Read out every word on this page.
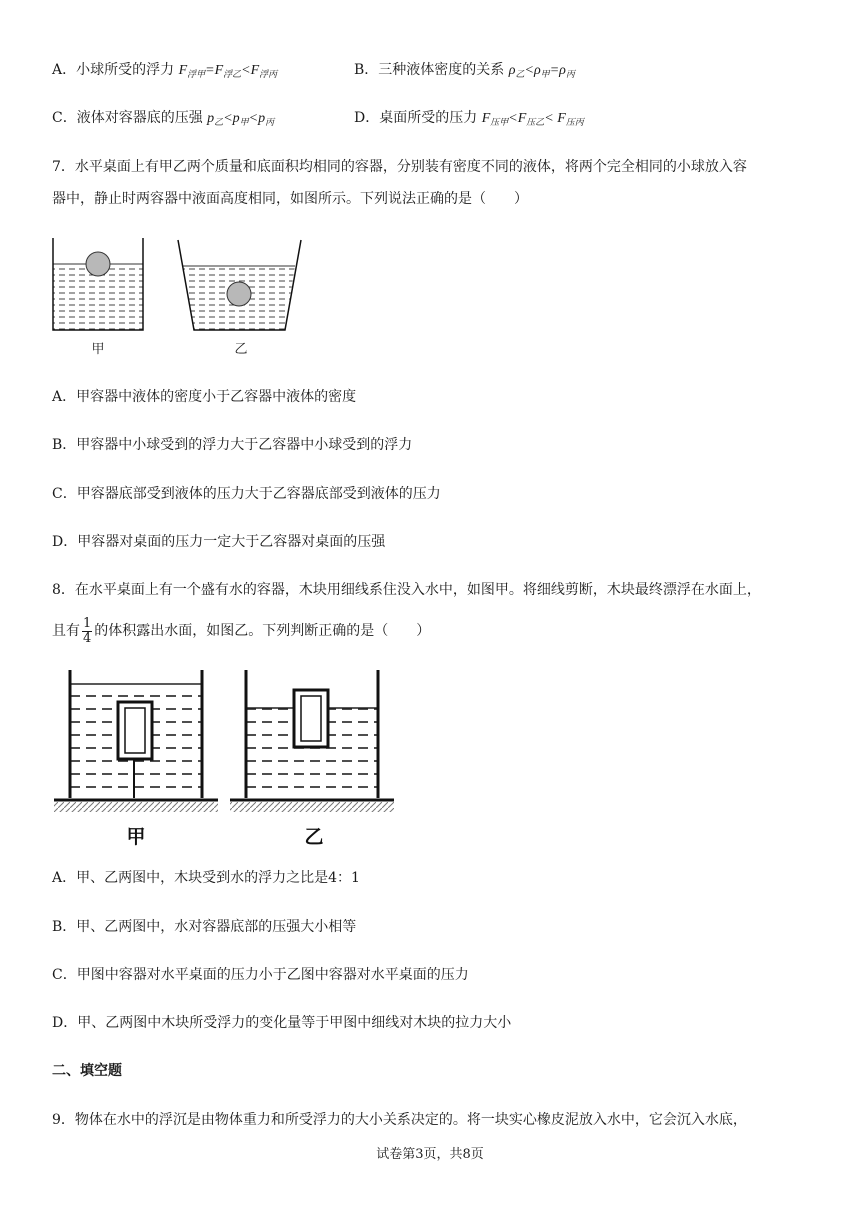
A．小球所受的浮力 $F_{浮甲}=F_{浮乙}<F_{浮丙}$	B．三种液体密度的关系 $\rho_乙<\rho_甲=\rho_丙$
C．液体对容器底的压强 $p_乙<p_甲<p_丙$	D．桌面所受的压力 $F_{压甲}<F_{压乙}< F_{压丙}$
7．水平桌面上有甲乙两个质量和底面积均相同的容器，分别装有密度不同的液体，将两个完全相同的小球放入容
器中，静止时两容器中液面高度相同，如图所示。下列说法正确的是（　　）
甲	乙
A．甲容器中液体的密度小于乙容器中液体的密度
B．甲容器中小球受到的浮力大于乙容器中小球受到的浮力
C．甲容器底部受到液体的压力大于乙容器底部受到液体的压力
D．甲容器对桌面的压力一定大于乙容器对桌面的压强
8．在水平桌面上有一个盛有水的容器，木块用细线系住没入水中，如图甲。将细线剪断，木块最终漂浮在水面上，
且有 $\frac{1}{4}$ 的体积露出水面，如图乙。下列判断正确的是（　　）
甲	乙
A．甲、乙两图中，木块受到水的浮力之比是4：1
B．甲、乙两图中，水对容器底部的压强大小相等
C．甲图中容器对水平桌面的压力小于乙图中容器对水平桌面的压力
D．甲、乙两图中木块所受浮力的变化量等于甲图中细线对木块的拉力大小
二、填空题
9．物体在水中的浮沉是由物体重力和所受浮力的大小关系决定的。将一块实心橡皮泥放入水中，它会沉入水底，
试卷第3页，共8页
